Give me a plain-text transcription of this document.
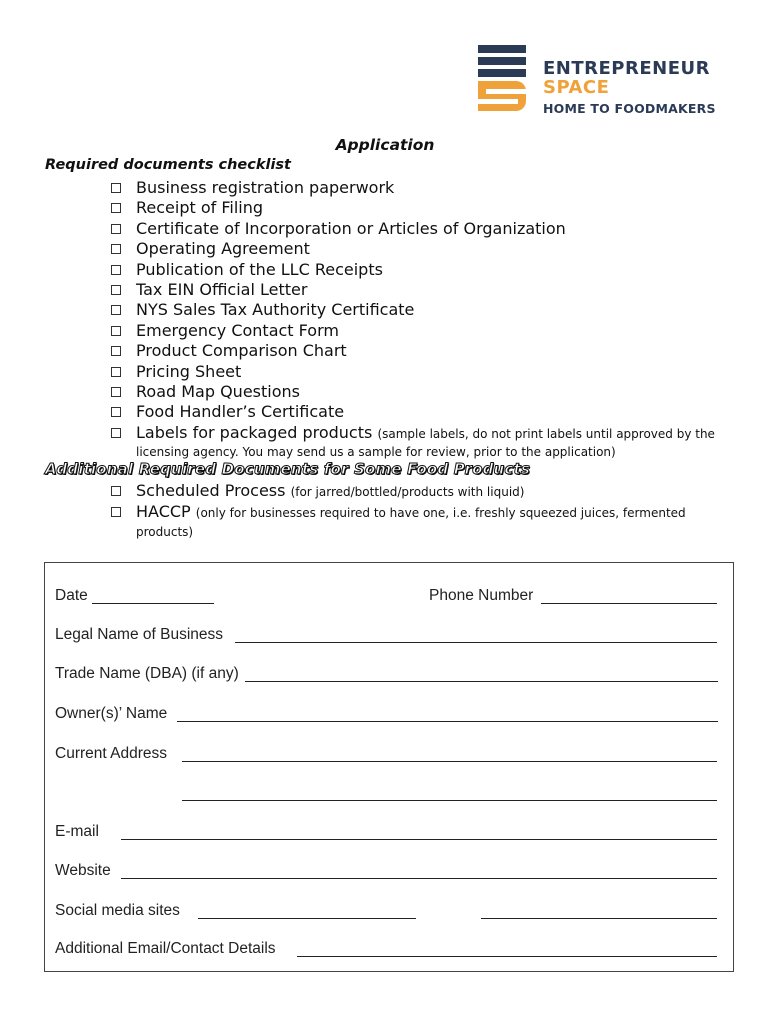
ENTREPRENEUR
SPACE
HOME TO FOODMAKERS
Application
Required documents checklist
Business registration paperwork
Receipt of Filing
Certificate of Incorporation or Articles of Organization
Operating Agreement
Publication of the LLC Receipts
Tax EIN Official Letter
NYS Sales Tax Authority Certificate
Emergency Contact Form
Product Comparison Chart
Pricing Sheet
Road Map Questions
Food Handler’s Certificate
Labels for packaged products (sample labels, do not print labels until approved by the
licensing agency. You may send us a sample for review, prior to the application)
Additional Required Documents for Some Food Products
Scheduled Process (for jarred/bottled/products with liquid)
HACCP (only for businesses required to have one, i.e. freshly squeezed juices, fermented
products)
Date	Phone Number
Legal Name of Business
Trade Name (DBA) (if any)
Owner(s)’ Name
Current Address
E-mail
Website
Social media sites
Additional Email/Contact Details
